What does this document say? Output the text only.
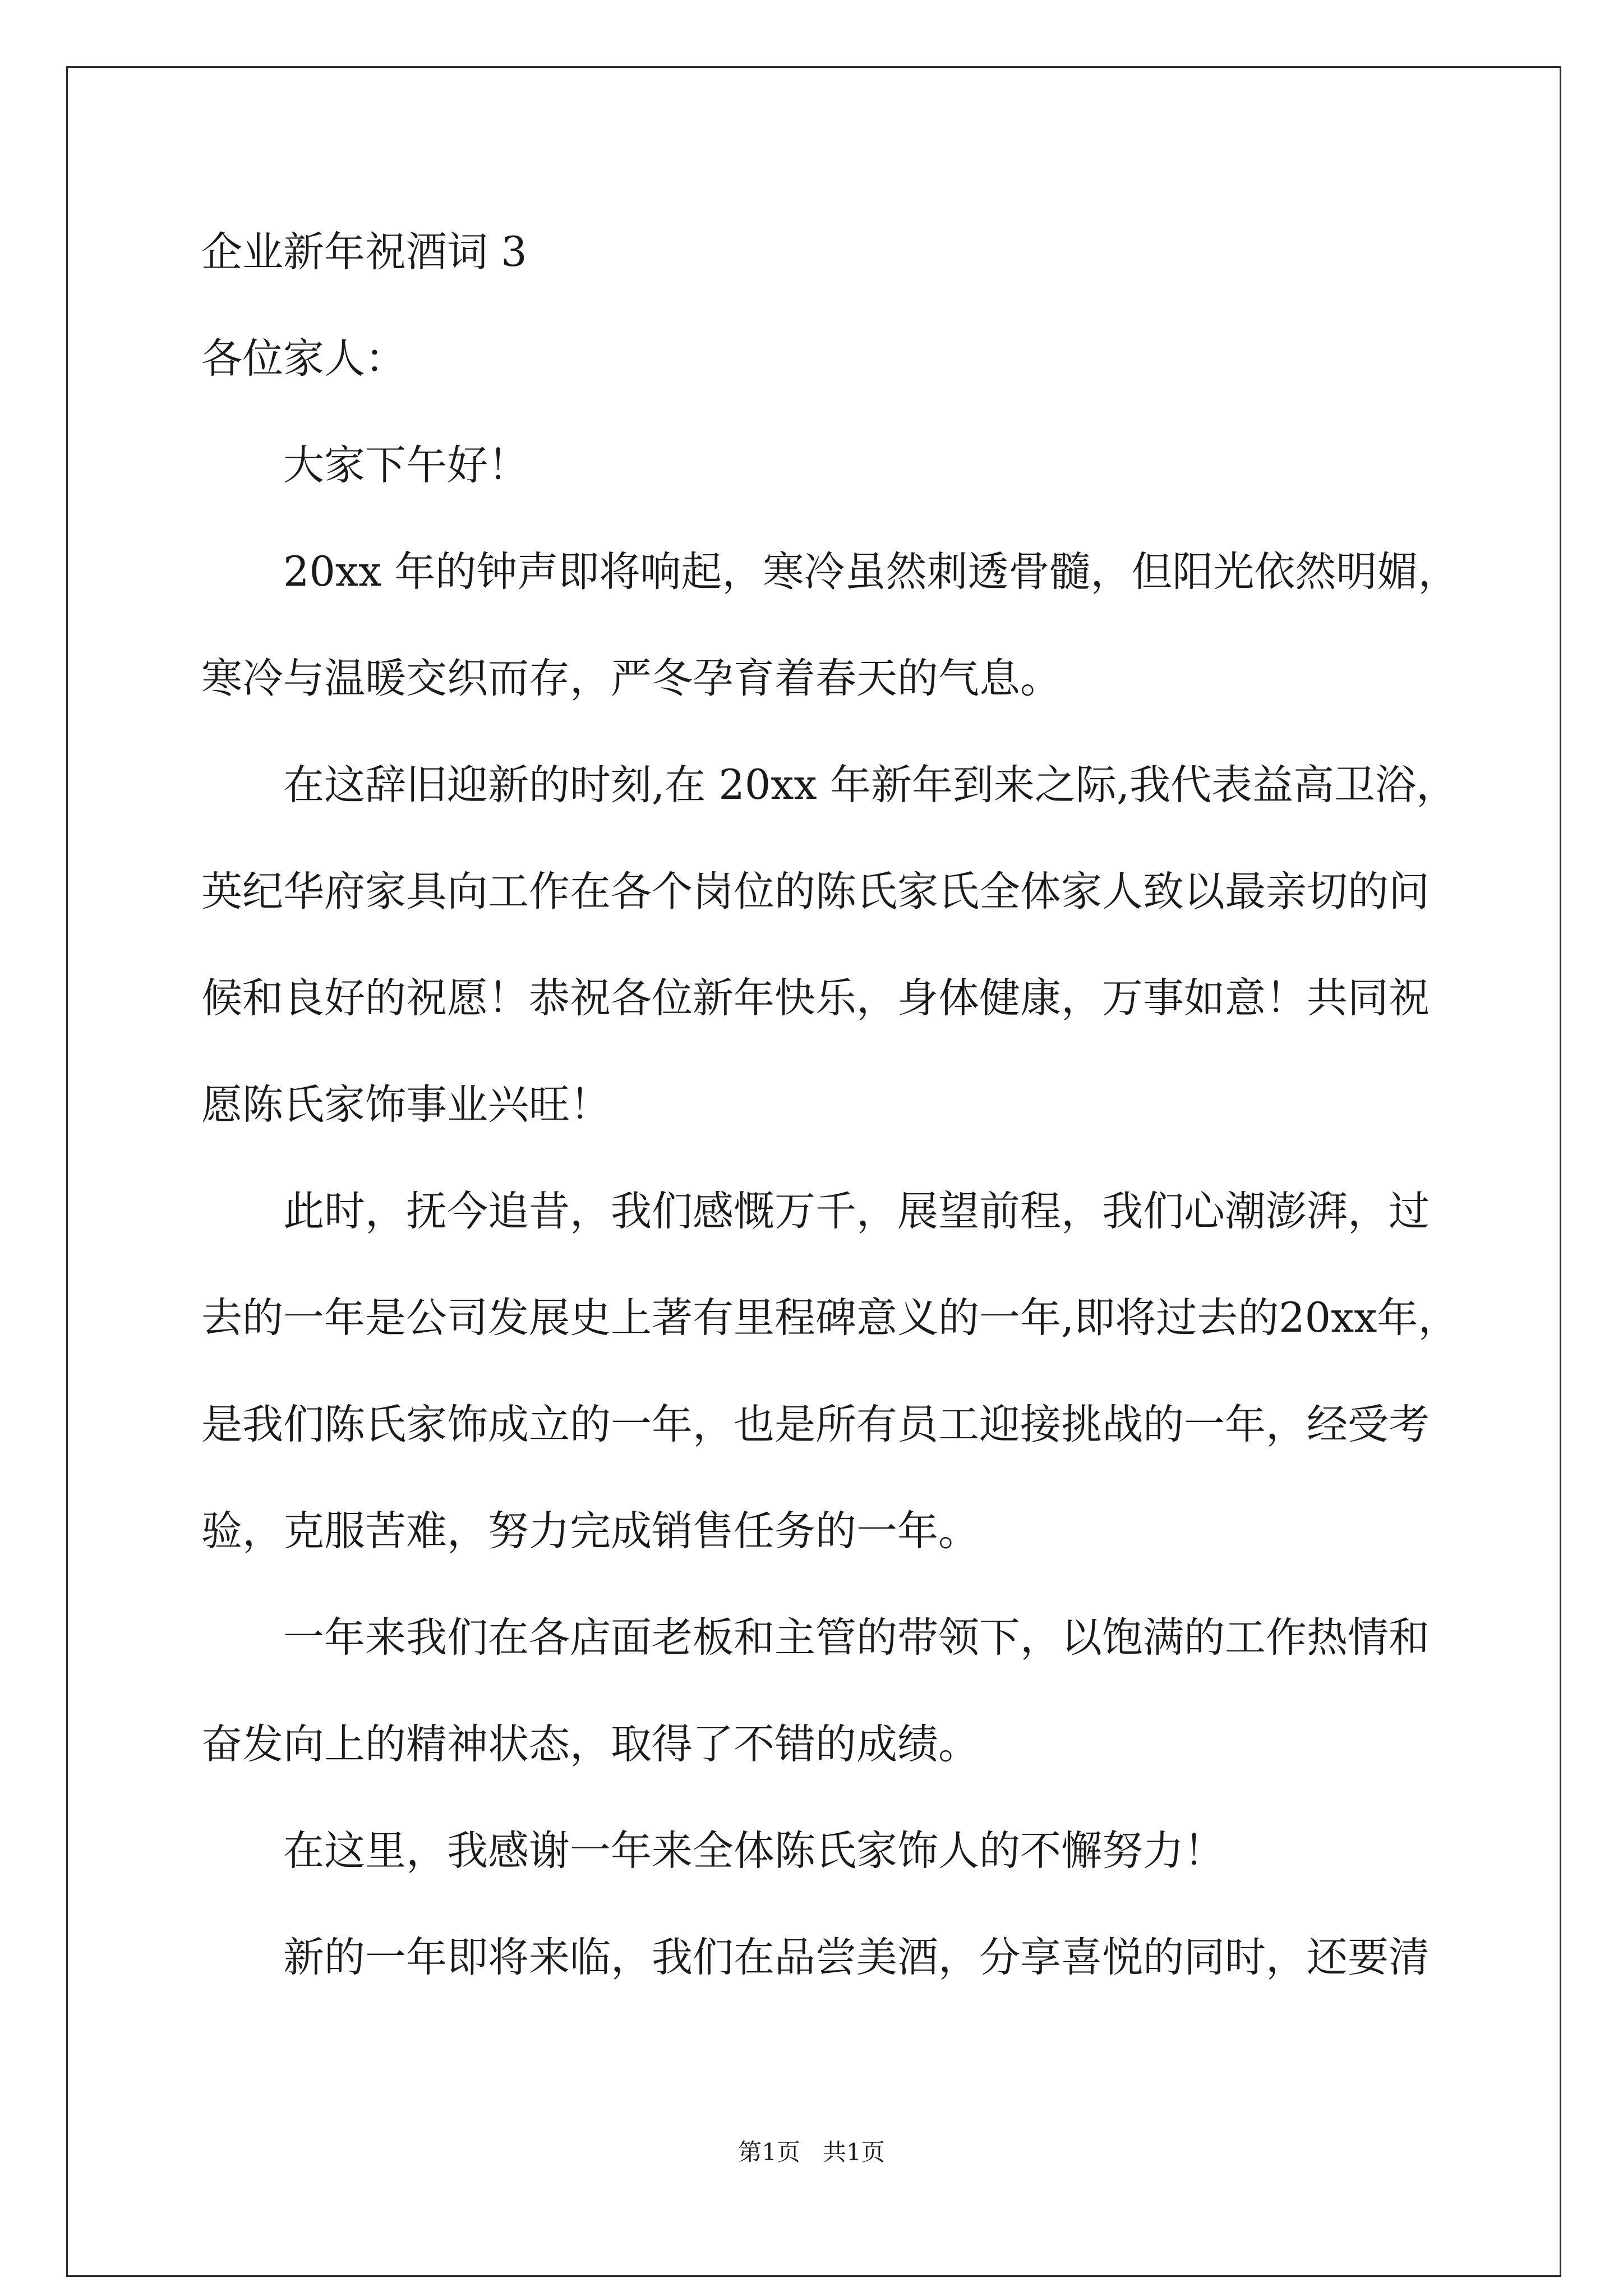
企业新年祝酒词 3
各位家人：
大家下午好！
20xx 年的钟声即将响起，寒冷虽然刺透骨髓，但阳光依然明媚，
寒冷与温暖交织而存，严冬孕育着春天的气息。
在这辞旧迎新的时刻,在 20xx 年新年到来之际,我代表益高卫浴，
英纪华府家具向工作在各个岗位的陈氏家氏全体家人致以最亲切的问
候和良好的祝愿！恭祝各位新年快乐，身体健康，万事如意！共同祝
愿陈氏家饰事业兴旺！
此时，抚今追昔，我们感慨万千，展望前程，我们心潮澎湃，过
去的一年是公司发展史上著有里程碑意义的一年,即将过去的20xx年，
是我们陈氏家饰成立的一年，也是所有员工迎接挑战的一年，经受考
验，克服苦难，努力完成销售任务的一年。
一年来我们在各店面老板和主管的带领下，以饱满的工作热情和
奋发向上的精神状态，取得了不错的成绩。
在这里，我感谢一年来全体陈氏家饰人的不懈努力！
新的一年即将来临，我们在品尝美酒，分享喜悦的同时，还要清
第1页   共1页
